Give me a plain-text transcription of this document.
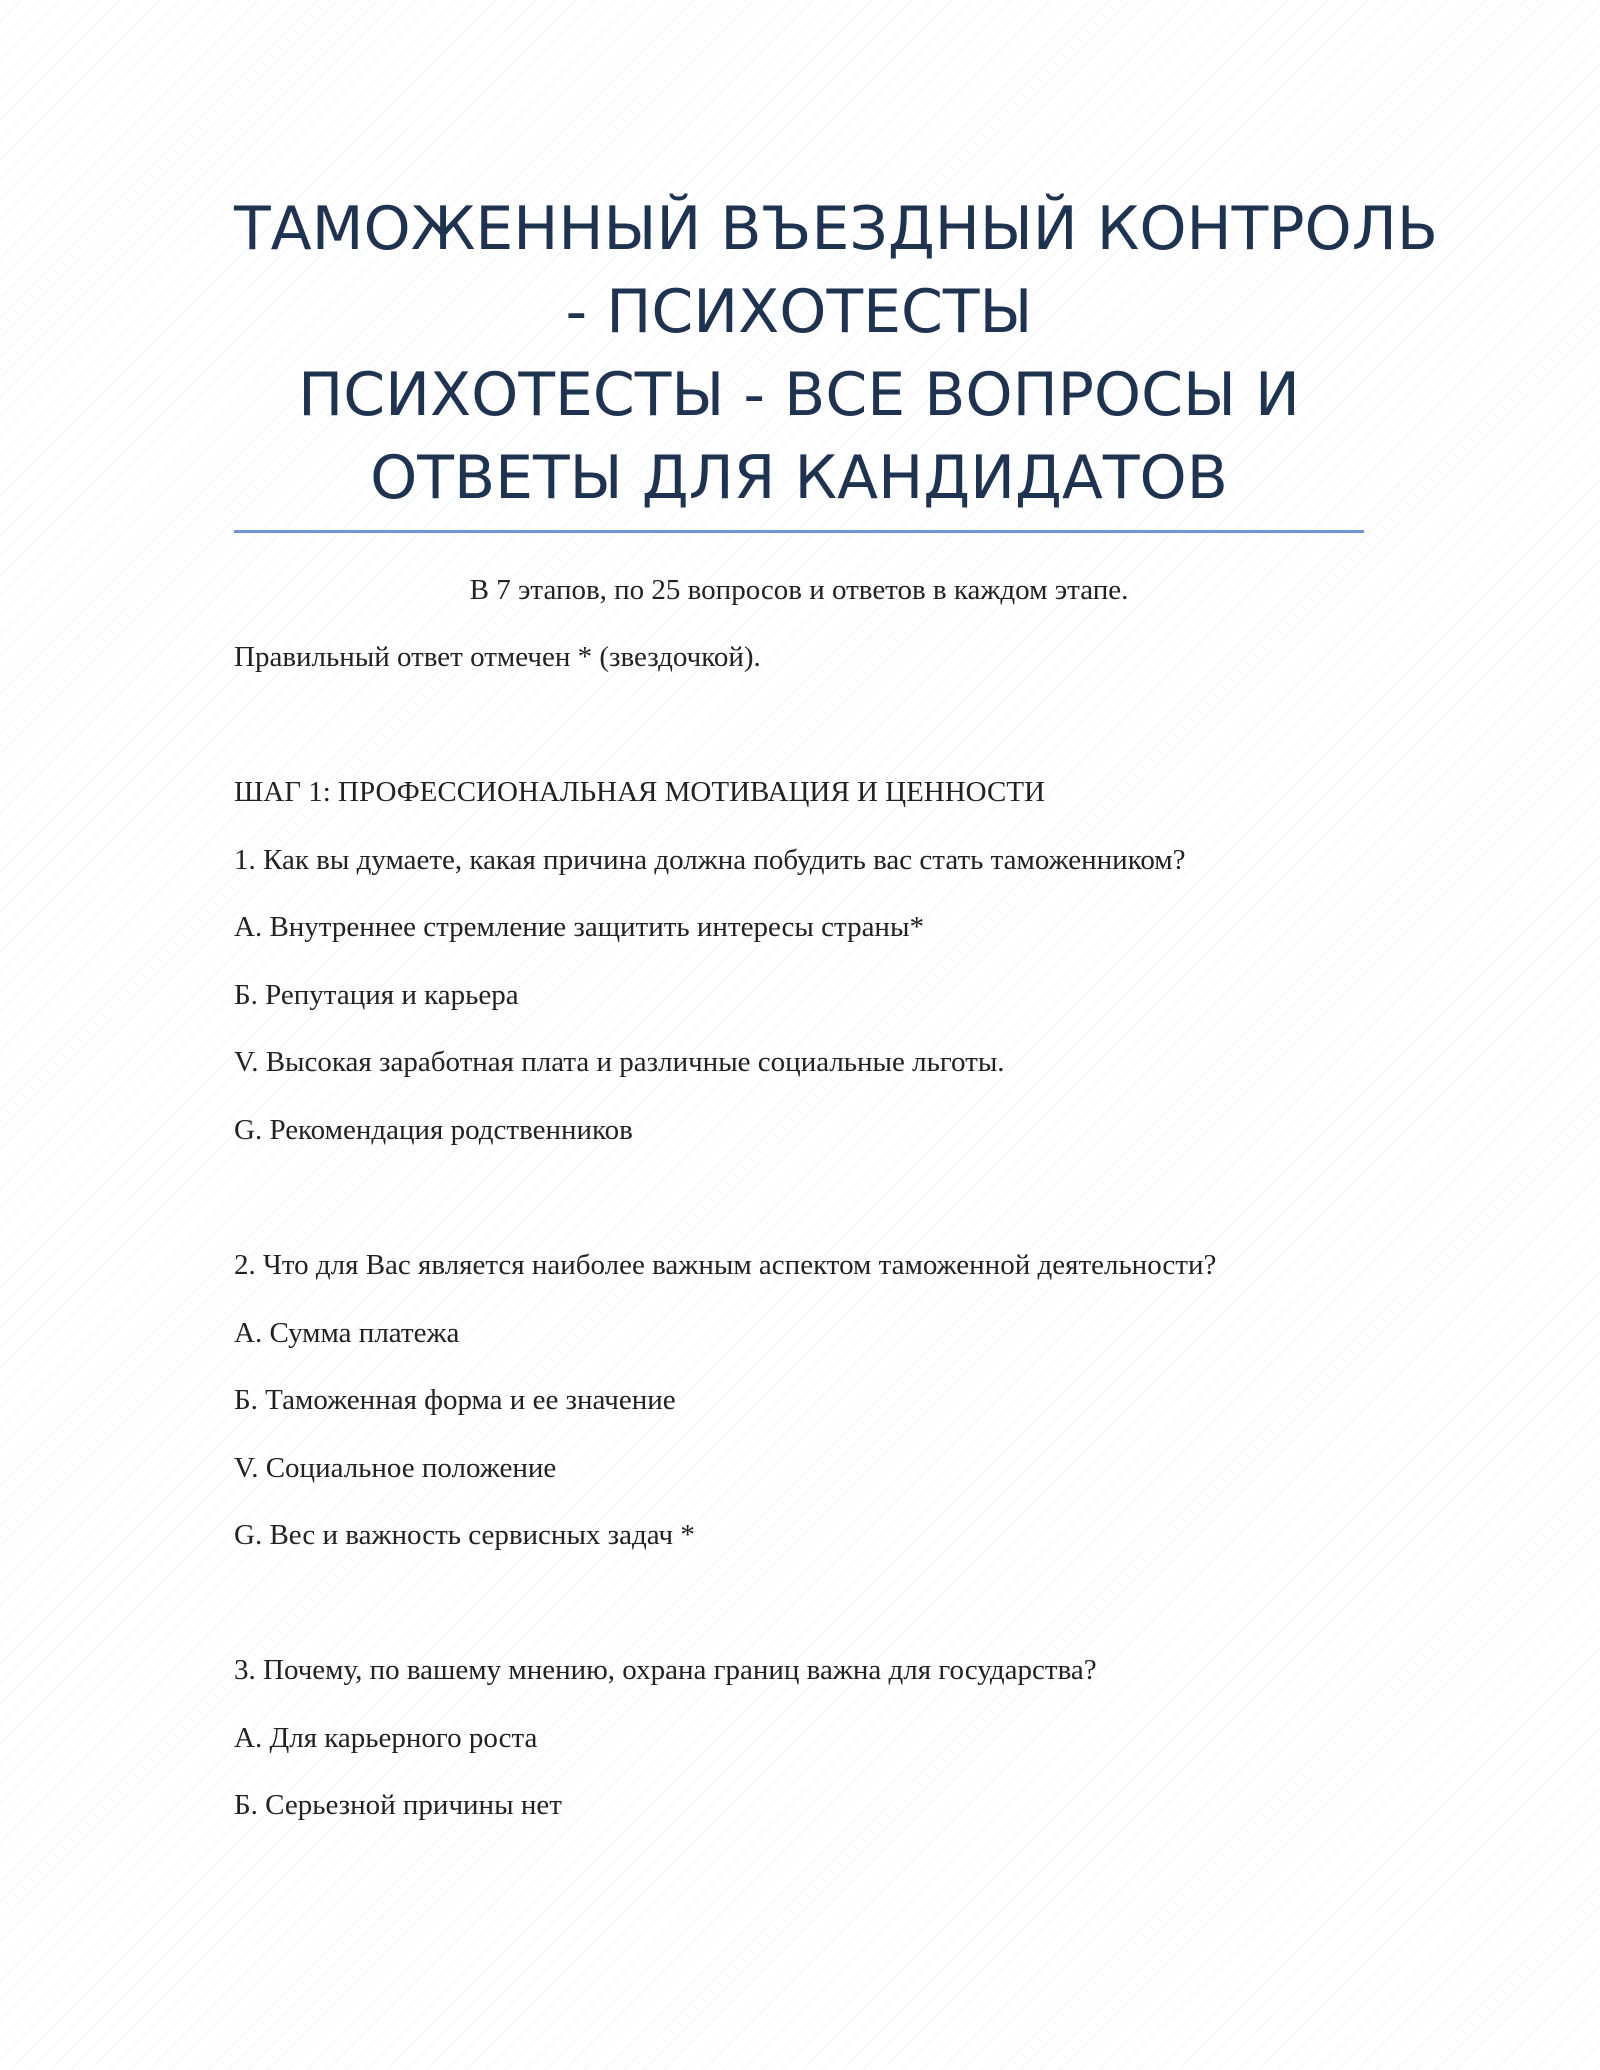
ТАМОЖЕННЫЙ ВЪЕЗДНЫЙ КОНТРОЛЬ
- ПСИХОТЕСТЫ
ПСИХОТЕСТЫ - ВСЕ ВОПРОСЫ И
ОТВЕТЫ ДЛЯ КАНДИДАТОВ
В 7 этапов, по 25 вопросов и ответов в каждом этапе.
Правильный ответ отмечен * (звездочкой).
ШАГ 1: ПРОФЕССИОНАЛЬНАЯ МОТИВАЦИЯ И ЦЕННОСТИ
1. Как вы думаете, какая причина должна побудить вас стать таможенником?
А. Внутреннее стремление защитить интересы страны*
Б. Репутация и карьера
V. Высокая заработная плата и различные социальные льготы.
G. Рекомендация родственников
2. Что для Вас является наиболее важным аспектом таможенной деятельности?
А. Сумма платежа
Б. Таможенная форма и ее значение
V. Социальное положение
G. Вес и важность сервисных задач *
3. Почему, по вашему мнению, охрана границ важна для государства?
А. Для карьерного роста
Б. Серьезной причины нет
